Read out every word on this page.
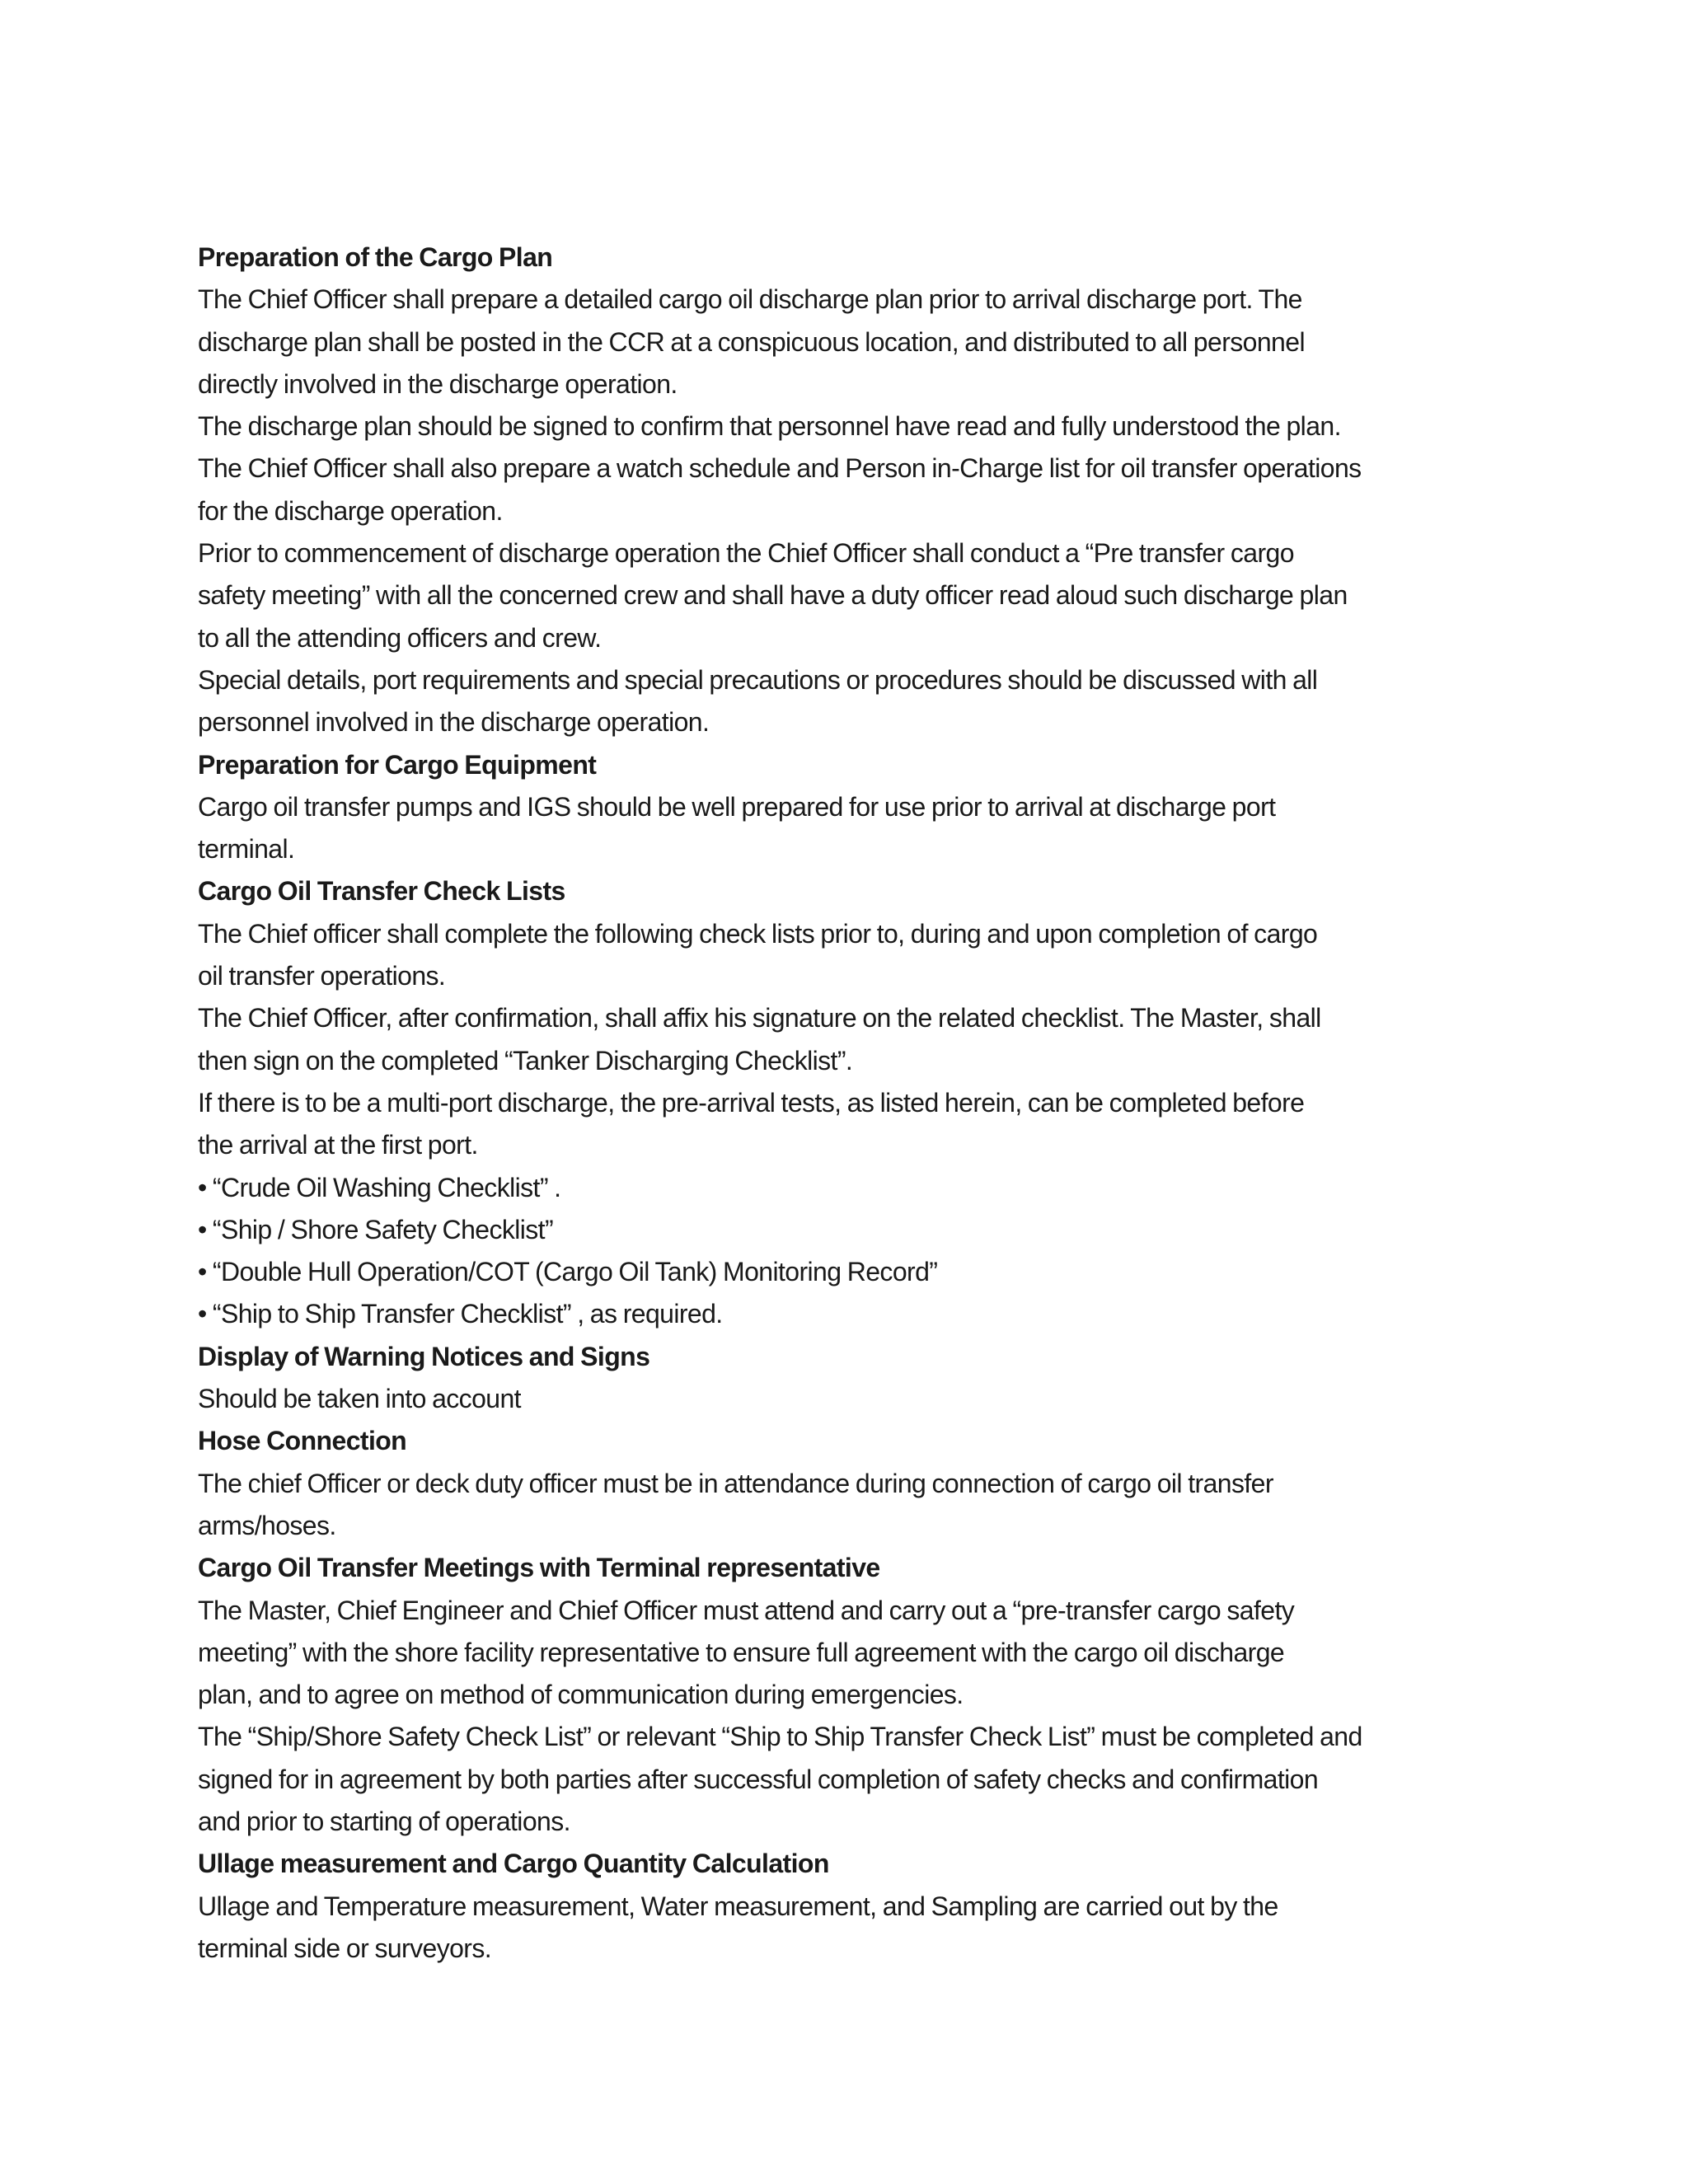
Preparation of the Cargo Plan
The Chief Officer shall prepare a detailed cargo oil discharge plan prior to arrival discharge port. The
discharge plan shall be posted in the CCR at a conspicuous location, and distributed to all personnel
directly involved in the discharge operation.
The discharge plan should be signed to confirm that personnel have read and fully understood the plan.
The Chief Officer shall also prepare a watch schedule and Person in-Charge list for oil transfer operations
for the discharge operation.
Prior to commencement of discharge operation the Chief Officer shall conduct a “Pre transfer cargo
safety meeting” with all the concerned crew and shall have a duty officer read aloud such discharge plan
to all the attending officers and crew.
Special details, port requirements and special precautions or procedures should be discussed with all
personnel involved in the discharge operation.
Preparation for Cargo Equipment
Cargo oil transfer pumps and IGS should be well prepared for use prior to arrival at discharge port
terminal.
Cargo Oil Transfer Check Lists
The Chief officer shall complete the following check lists prior to, during and upon completion of cargo
oil transfer operations.
The Chief Officer, after confirmation, shall affix his signature on the related checklist. The Master, shall
then sign on the completed “Tanker Discharging Checklist”.
If there is to be a multi-port discharge, the pre-arrival tests, as listed herein, can be completed before
the arrival at the first port.
• “Crude Oil Washing Checklist” .
• “Ship / Shore Safety Checklist”
• “Double Hull Operation/COT (Cargo Oil Tank) Monitoring Record”
• “Ship to Ship Transfer Checklist” , as required.
Display of Warning Notices and Signs
Should be taken into account
Hose Connection
The chief Officer or deck duty officer must be in attendance during connection of cargo oil transfer
arms/hoses.
Cargo Oil Transfer Meetings with Terminal representative
The Master, Chief Engineer and Chief Officer must attend and carry out a “pre-transfer cargo safety
meeting” with the shore facility representative to ensure full agreement with the cargo oil discharge
plan, and to agree on method of communication during emergencies.
The “Ship/Shore Safety Check List” or relevant “Ship to Ship Transfer Check List” must be completed and
signed for in agreement by both parties after successful completion of safety checks and confirmation
and prior to starting of operations.
Ullage measurement and Cargo Quantity Calculation
Ullage and Temperature measurement, Water measurement, and Sampling are carried out by the
terminal side or surveyors.
